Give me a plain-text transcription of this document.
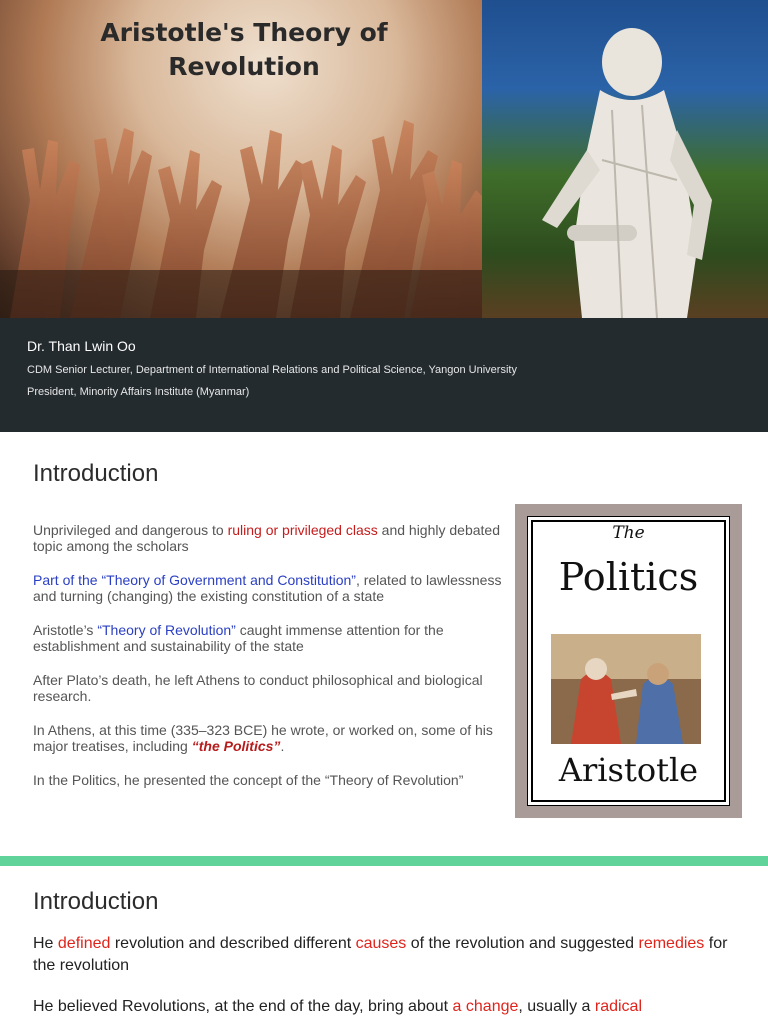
Aristotle's Theory of
Revolution
Dr. Than Lwin Oo
CDM Senior Lecturer, Department of International Relations and Political Science, Yangon University
President, Minority Affairs Institute (Myanmar)
Introduction

Unprivileged and dangerous to ruling or privileged class and highly debated topic among the scholars

Part of the “Theory of Government and Constitution”, related to lawlessness and turning (changing) the existing constitution of a state

Aristotle’s “Theory of Revolution” caught immense attention for the establishment and sustainability of the state

After Plato’s death, he left Athens to conduct philosophical and biological research.

In Athens, at this time (335–323 BCE) he wrote, or worked on, some of his major treatises, including “the Politics”.

In the Politics, he presented the concept of the “Theory of Revolution”

The
Politics
Aristotle
Introduction
He defined revolution and described different causes of the revolution and suggested remedies for the revolution
He believed Revolutions, at the end of the day, bring about a change, usually a radical
